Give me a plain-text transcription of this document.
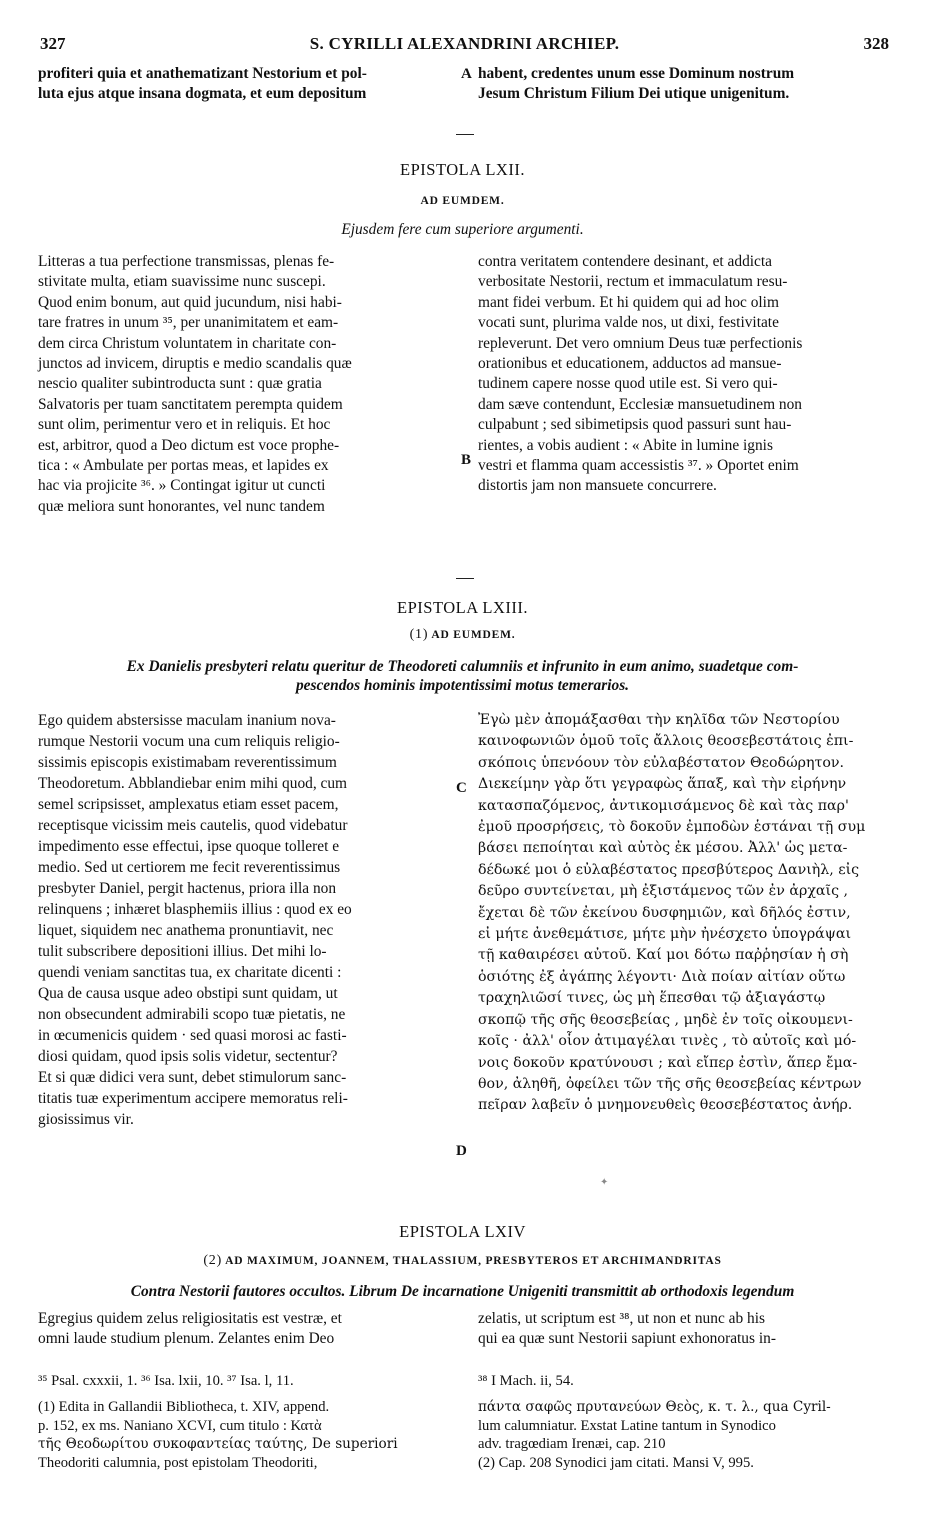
327	S. CYRILLI ALEXANDRINI ARCHIEP.	328

profiteri quia et anathematizant Nestorium et pol-

luta ejus atque insana dogmata, et eum depositum

A habent, credentes unum esse Dominum nostrum

Jesum Christum Filium Dei utique unigenitum.

EPISTOLA LXII.
AD EUMDEM.
Ejusdem fere cum superiore argumenti.

Litteras a tua perfectione transmissas, plenas fe-

stivitate multa, etiam suavissime nunc suscepi.

Quod enim bonum, aut quid jucundum, nisi habi-

tare fratres in unum ³⁵, per unanimitatem et eam-

dem circa Christum voluntatem in charitate con-

junctos ad invicem, diruptis e medio scandalis quæ

nescio qualiter subintroducta sunt : quæ gratia

Salvatoris per tuam sanctitatem perempta quidem

sunt olim, perimentur vero et in reliquis. Et hoc

est, arbitror, quod a Deo dictum est voce prophe-

tica : « Ambulate per portas meas, et lapides ex

hac via projicite ³⁶. » Contingat igitur ut cuncti

quæ meliora sunt honorantes, vel nunc tandem

B

contra veritatem contendere desinant, et addicta

verbositate Nestorii, rectum et immaculatum resu-

mant fidei verbum. Et hi quidem qui ad hoc olim

vocati sunt, plurima valde nos, ut dixi, festivitate

repleverunt. Det vero omnium Deus tuæ perfectionis

orationibus et educationem, adductos ad mansue-

tudinem capere nosse quod utile est. Si vero qui-

dam sæve contendunt, Ecclesiæ mansuetudinem non

culpabunt ; sed sibimetipsis quod passuri sunt hau-

rientes, a vobis audient : « Abite in lumine ignis

vestri et flamma quam accessistis ³⁷. » Oportet enim

distortis jam non mansuete concurrere.

EPISTOLA LXIII.
(1) AD EUMDEM.
Ex Danielis presbyteri relatu queritur de Theodoreti calumniis et infrunito in eum animo, suadetque com-
pescendos hominis impotentissimi motus temerarios.

Ego quidem abstersisse maculam inanium nova-

rumque Nestorii vocum una cum reliquis religio-

sissimis episcopis existimabam reverentissimum

Theodoretum. Abblandiebar enim mihi quod, cum

semel scripsisset, amplexatus etiam esset pacem,

receptisque vicissim meis cautelis, quod videbatur

impedimento esse effectui, ipse quoque tolleret e

medio. Sed ut certiorem me fecit reverentissimus

presbyter Daniel, pergit hactenus, priora illa non

relinquens ; inhæret blasphemiis illius : quod ex eo

liquet, siquidem nec anathema pronuntiavit, nec

tulit subscribere depositioni illius. Det mihi lo-

quendi veniam sanctitas tua, ex charitate dicenti :

Qua de causa usque adeo obstipi sunt quidam, ut

non obsecundent admirabili scopo tuæ pietatis, ne

in œcumenicis quidem · sed quasi morosi ac fasti-

diosi quidam, quod ipsis solis videtur, sectentur?

Et si quæ didici vera sunt, debet stimulorum sanc-

titatis tuæ experimentum accipere memoratus reli-

giosissimus vir.

C
D

Ἐγὼ μὲν ἀπομάξασθαι τὴν κηλῖδα τῶν Νεστορίου

καινοφωνιῶν ὁμοῦ τοῖς ἄλλοις θεοσεβεστάτοις ἐπι-

σκόποις ὑπενόουν τὸν εὐλαβέστατον Θεοδώρητον.

Διεκείμην γὰρ ὅτι γεγραφὼς ἅπαξ, καὶ τὴν εἰρήνην

κατασπαζόμενος, ἀντικομισάμενος δὲ καὶ τὰς παρ'

ἐμοῦ προσρήσεις, τὸ δοκοῦν ἐμποδὼν ἑστάναι τῇ συμ

βάσει πεποίηται καὶ αὐτὸς ἐκ μέσου. Ἀλλ' ὡς μετα-

δέδωκέ μοι ὁ εὐλαβέστατος πρεσβύτερος Δανιὴλ, εἰς

δεῦρο συντείνεται, μὴ ἐξιστάμενος τῶν ἐν ἀρχαῖς ,

ἔχεται δὲ τῶν ἐκείνου δυσφημιῶν, καὶ δῆλός ἐστιν,

εἰ μήτε ἀνεθεμάτισε, μήτε μὴν ἠνέσχετο ὑπογράψαι

τῇ καθαιρέσει αὐτοῦ. Καί μοι δότω παῤῥησίαν ἡ σὴ

ὁσιότης ἐξ ἀγάπης λέγοντι· Διὰ ποίαν αἰτίαν οὕτω

τραχηλιῶσί τινες, ὡς μὴ ἕπεσθαι τῷ ἀξιαγάστῳ

σκοπῷ τῆς σῆς θεοσεβείας , μηδὲ ἐν τοῖς οἰκουμενι-

κοῖς · ἀλλ' οἷον ἀτιμαγέλαι τινὲς , τὸ αὐτοῖς καὶ μό-

νοις δοκοῦν κρατύνουσι ; καὶ εἴπερ ἐστὶν, ἅπερ ἔμα-

θον, ἀληθῆ, ὀφείλει τῶν τῆς σῆς θεοσεβείας κέντρων

πεῖραν λαβεῖν ὁ μνημονευθεὶς θεοσεβέστατος ἀνήρ.

✦
EPISTOLA LXIV
(2) AD MAXIMUM, JOANNEM, THALASSIUM, PRESBYTEROS ET ARCHIMANDRITAS
Contra Nestorii fautores occultos. Librum De incarnatione Unigeniti transmittit ab orthodoxis legendum

Egregius quidem zelus religiositatis est vestræ, et

omni laude studium plenum. Zelantes enim Deo

zelatis, ut scriptum est ³⁸, ut non et nunc ab his

qui ea quæ sunt Nestorii sapiunt exhonoratus in-

³⁵ Psal. cxxxii, 1. ³⁶ Isa. lxii, 10. ³⁷ Isa. l, 11.	³⁸ I Mach. ii, 54.

(1) Edita in Gallandii Bibliotheca, t. XIV, append.

p. 152, ex ms. Naniano XCVI, cum titulo : Κατὰ

τῆς Θεοδωρίτου συκοφαντείας ταύτης, De superiori

Theodoriti calumnia, post epistolam Theodoriti,

πάντα σαφῶς πρυτανεύων Θεὸς, κ. τ. λ., qua Cyril-

lum calumniatur. Exstat Latine tantum in Synodico

adv. tragœdiam Irenæi, cap. 210

(2) Cap. 208 Synodici jam citati. Mansi V, 995.
